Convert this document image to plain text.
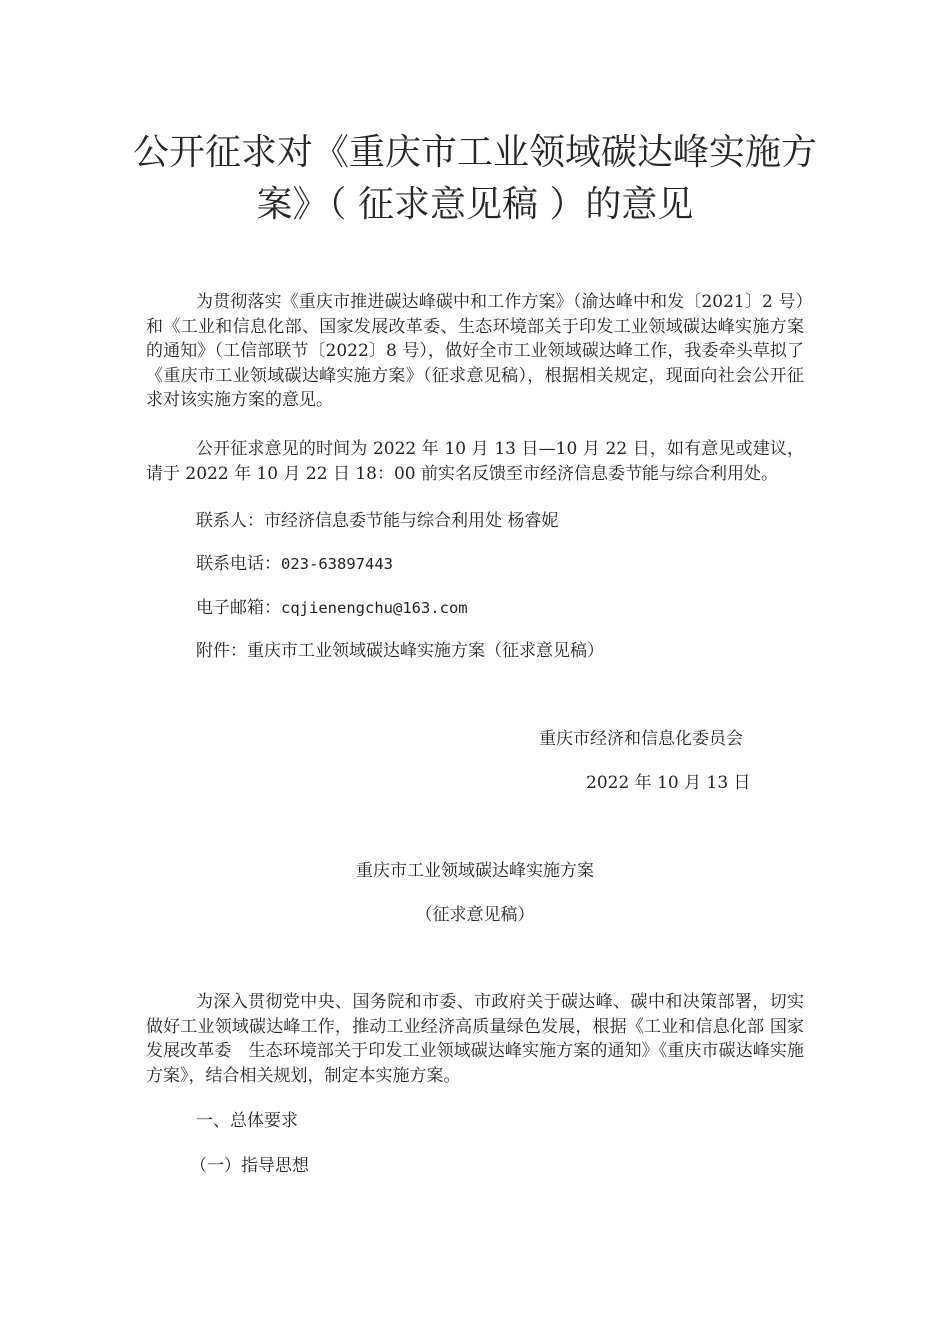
公开征求对《重庆市工业领域碳达峰实施方
案》（ 征求意见稿 ）的意见

为贯彻落实《重庆市推进碳达峰碳中和工作方案》（渝达峰中和发〔2021〕2 号）和《工业和信息化部、国家发展改革委、生态环境部关于印发工业领域碳达峰实施方案的通知》（工信部联节〔2022〕8 号），做好全市工业领域碳达峰工作，我委牵头草拟了《重庆市工业领域碳达峰实施方案》（征求意见稿），根据相关规定，现面向社会公开征求对该实施方案的意见。

公开征求意见的时间为 2022 年 10 月 13 日—10 月 22 日，如有意见或建议，请于 2022 年 10 月 22 日 18：00 前实名反馈至市经济信息委节能与综合利用处。

联系人：市经济信息委节能与综合利用处 杨睿妮

联系电话：023-63897443

电子邮箱：cqjienengchu@163.com

附件：重庆市工业领域碳达峰实施方案（征求意见稿）

重庆市经济和信息化委员会

2022 年 10 月 13 日

重庆市工业领域碳达峰实施方案

（征求意见稿）

为深入贯彻党中央、国务院和市委、市政府关于碳达峰、碳中和决策部署，切实做好工业领域碳达峰工作，推动工业经济高质量绿色发展，根据《工业和信息化部 国家发展改革委　生态环境部关于印发工业领域碳达峰实施方案的通知》《重庆市碳达峰实施方案》，结合相关规划，制定本实施方案。

一、总体要求

（一）指导思想
